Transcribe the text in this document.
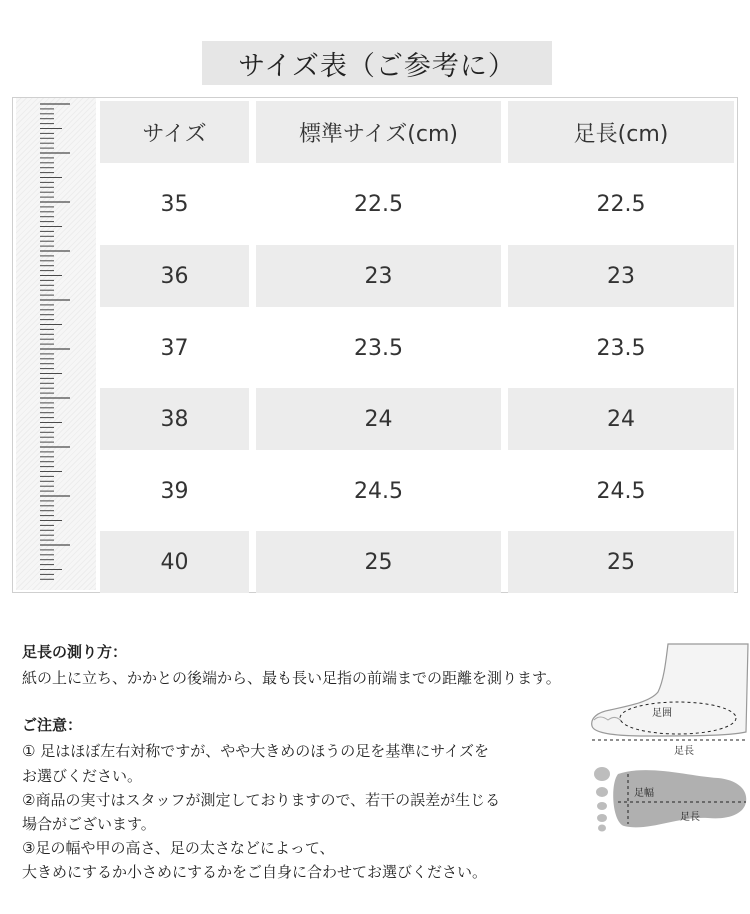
サイズ表（ご参考に）
サイズ	標準サイズ(cm)	足長(cm)
35	22.5	22.5
36	23	23
37	23.5	23.5
38	24	24
39	24.5	24.5
40	25	25
足長の測り方：
紙の上に立ち、かかとの後端から、最も長い足指の前端までの距離を測ります。
ご注意：
① 足はほぼ左右対称ですが、やや大きめのほうの足を基準にサイズを
お選びください。
②商品の実寸はスタッフが測定しておりますので、若干の誤差が生じる
場合がございます。
③足の幅や甲の高さ、足の太さなどによって、
大きめにするか小さめにするかをご自身に合わせてお選びください。
足囲
足長
足幅
足長
